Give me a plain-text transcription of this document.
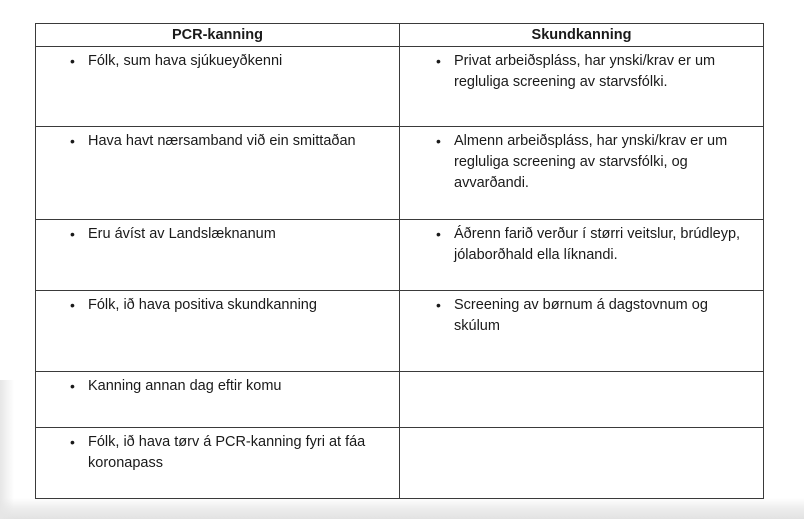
PCR-kanning	Skundkanning

• Fólk, sum hava sjúkueyðkenni	• Privat arbeiðspláss, har ynski/krav er um regluliga screening av starvsfólki.

• Hava havt nærsamband við ein smittaðan	• Almenn arbeiðspláss, har ynski/krav er um regluliga screening av starvsfólki, og avvarðandi.

• Eru ávíst av Landslæknanum	• Áðrenn farið verður í størri veitslur, brúdleyp, jólaborðhald ella líknandi.

• Fólk, ið hava positiva skundkanning	• Screening av børnum á dagstovnum og skúlum

• Kanning annan dag eftir komu	

• Fólk, ið hava tørv á PCR-kanning fyri at fáa koronapass	
